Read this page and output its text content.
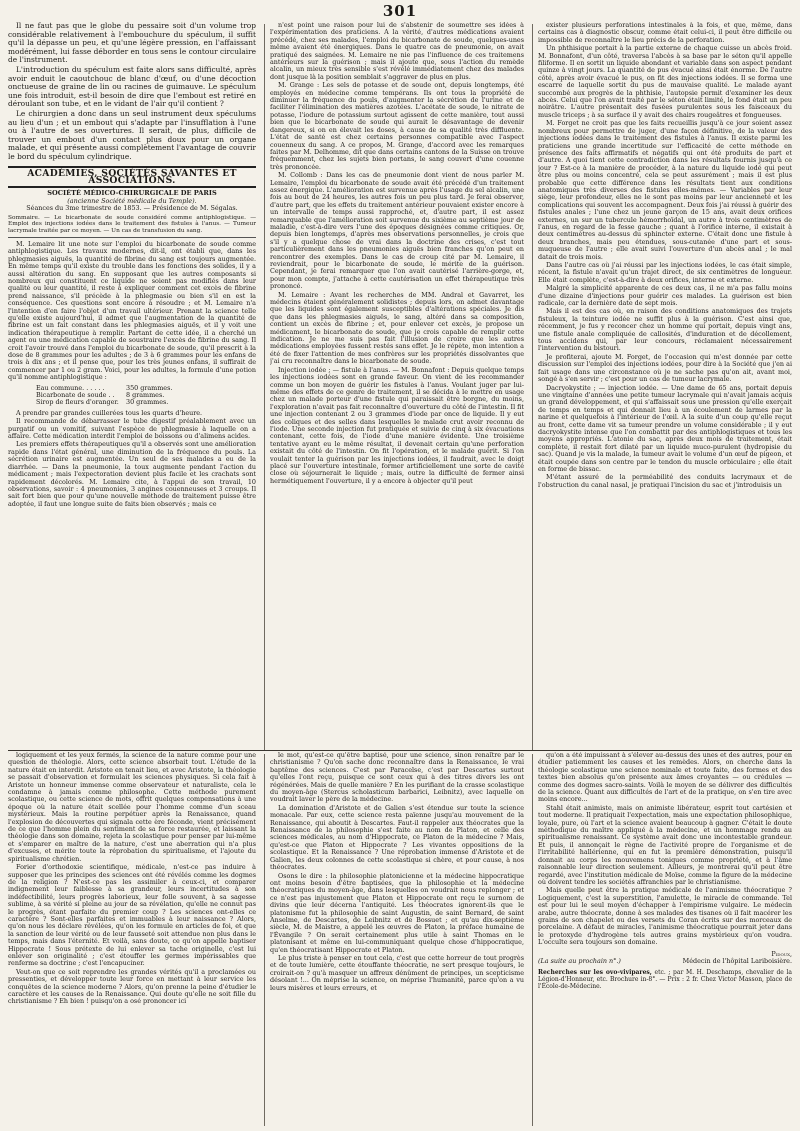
301

Il ne faut pas que le globe du pessaire soit d'un volume trop considérable relativement à l'embouchure du spéculum, il suffit qu'il la dépasse un peu, et qu'une légère pression, en l'affaissant modérément, lui fasse déborder en tous sens le contour circulaire de l'instrument.

L'introduction du spéculum est faite alors sans difficulté, après avoir enduit le caoutchouc de blanc d'œuf, ou d'une décoction onctueuse de graine de lin ou racines de guimauve. Le spéculum une fois introduit, est-il besoin de dire que l'embout est retiré en déroulant son tube, et en le vidant de l'air qu'il contient ?

Le chirurgien a donc dans un seul instrument deux spéculums au lieu d'un ; et un embout qui s'adapte par l'insufflation à l'une ou à l'autre de ses ouvertures. Il serait, de plus, difficile de trouver un embout d'un contact plus doux pour un organe malade, et qui présente aussi complètement l'avantage de couvrir le bord du spéculum cylindrique.

ACADÉMIES, SOCIÉTÉS SAVANTES ET ASSOCIATIONS.
SOCIÉTÉ MÉDICO-CHIRURGICALE DE PARIS
(ancienne Société médicale du Temple).
Séances du 3me trimestre de 1853. — Présidence de M. Ségalas.
Sommaire. — Le bicarbonate de soude considéré comme antiphlogistique. — Emploi des injections iodées dans le traitement des fistules à l'anus. — Tumeur lacrymale traitée par ce moyen. — Un cas de transfusion du sang.

M. Lemaire lit une note sur l'emploi du bicarbonate de soude comme antiphlogistique. Les travaux modernes, dit-il, ont établi que, dans les phlegmasies aiguës, la quantité de fibrine du sang est toujours augmentée. En même temps qu'il existe du trouble dans les fonctions des solides, il y a aussi altération du sang. En supposant que les autres composants si nombreux qui constituent ce liquide ne soient pas modifiés dans leur qualité ou leur quantité, il reste à expliquer comment cet excès de fibrine prend naissance, s'il précède à la phlegmasie ou bien s'il en est la conséquence. Ces questions sont encore à résoudre ; et M. Lemaire n'a l'intention d'en faire l'objet d'un travail ultérieur. Prenant la science telle qu'elle existe aujourd'hui, il admet que l'augmentation de la quantité de fibrine est un fait constant dans les phlegmasies aiguës, et il y voit une indication thérapeutique à remplir. Partant de cette idée, il a cherché un agent ou une médication capable de soustraire l'excès de fibrine du sang. Il croit l'avoir trouvé dans l'emploi du bicarbonate de soude, qu'il prescrit à la dose de 8 grammes pour les adultes ; de 3 à 6 grammes pour les enfans de trois à dix ans ; et il pense que, pour les très jeunes enfans, il suffirait de commencer par 1 ou 2 gram. Voici, pour les adultes, la formule d'une potion qu'il nomme antiphlogistique :

Eau commune. . . . . .	350 grammes.
Bicarbonate de soude . .	8 grammes.
Sirop de fleurs d'oranger.	30 grammes.

A prendre par grandes cuillerées tous les quarts d'heure.

Il recommande de débarrasser le tube digestif préalablement avec un purgatif ou un vomitif, suivant l'espèce de phlegmasie à laquelle on a affaire. Cette médication interdit l'emploi de boissons ou d'alimens acides.

Les premiers effets thérapeutiques qu'il a observés sont une amélioration rapide dans l'état général, une diminution de la fréquence du pouls. La sécrétion urinaire est augmentée. Un seul de ses malades a eu de la diarrhée. — Dans la pneumonie, la toux augmente pendant l'action du médicament ; mais l'expectoration devient plus facile et les crachats sont rapidement décolorés. M. Lemaire cite, à l'appui de son travail, 10 observations, savoir : 4 pneumonies, 3 angines couenneuses et 3 croups. Il sait fort bien que pour qu'une nouvelle méthode de traitement puisse être adoptée, il faut une longue suite de faits bien observés ; mais ce

n'est point une raison pour lui de s'abstenir de soumettre ses idées à l'expérimentation des praticiens. A la vérité, d'autres médications avaient précédé, chez ses malades, l'emploi du bicarbonate de soude, quelques-unes même avaient été énergiques. Dans le quatre cas de pneumonie, on avait pratiqué des saignées. M. Lemaire ne nie pas l'influence de ces traitemens antérieurs sur la guérison ; mais il ajoute que, sous l'action du remède alcalin, un mieux très sensible s'est révélé immédiatement chez des malades dont jusque là la position semblait s'aggraver de plus en plus.

M. Grange : Les sels de potasse et de soude ont, depuis longtemps, été employés en médecine comme tempérans. Ils ont tous la propriété de diminuer la fréquence du pouls, d'augmenter la sécrétion de l'urine et de faciliter l'élimination des matières azotées. L'acétate de soude, le nitrate de potasse, l'iodure de potassium surtout agissent de cette manière, tout aussi bien que le bicarbonate de soude qui aurait le désavantage de devenir dangereux, si on en élevait les doses, à cause de sa qualité très diffluente. L'état de santé est chez certains personnes compatible avec l'aspect couenneux du sang. A ce propos, M. Grange, d'accord avec les remarques faites par M. Delhomme, dit que dans certains cantons de la Suisse on trouve fréquemment, chez les sujets bien portans, le sang couvert d'une couenne très prononcée.

M. Collomb : Dans les cas de pneumonie dont vient de nous parler M. Lemaire, l'emploi du bicarbonate de soude avait été précédé d'un traitement assez énergique. L'amélioration est survenue après l'usage du sel alcalin, une fois au bout de 24 heures, les autres fois un peu plus tard. Je ferai observer, d'autre part, que les effets du traitement antérieur pouvaient exister encore à un intervalle de temps aussi rapproché, et, d'autre part, il est assez remarquable que l'amélioration soit survenue du sixième au septième jour de maladie, c'est-à-dire vers l'une des époques désignées comme critiques. Or, depuis bien longtemps, d'après mes observations personnelles, je crois que s'il y a quelque chose de vrai dans la doctrine des crises, c'est tout particulièrement dans les pneumonies aiguës bien franches qu'on peut en rencontrer des exemples. Dans le cas de croup cité par M. Lemaire, il reviendrait, pour le bicarbonate de soude, le mérite de la guérison. Cependant, je ferai remarquer que l'on avait cautérisé l'arrière-gorge, et, pour mon compte, j'attache à cette cautérisation un effet thérapeutique très prononcé.

M. Lemaire : Avant les recherches de MM. Andral et Gavarret, les médecins étaient généralement solidistes ; depuis lors, on admet davantage que les liquides sont également susceptibles d'altérations spéciales. Je dis que dans les phlegmasies aiguës, le sang, altéré dans sa composition, contient un excès de fibrine ; et, pour enlever cet excès, je propose un médicament, le bicarbonate de soude, que je crois capable de remplir cette indication. Je ne me suis pas fait l'illusion de croire que les autres médications employées fussent restés sans effet. Je le répète, mon intention a été de fixer l'attention de mes confrères sur les propriétés dissolvantes que j'ai cru reconnaître dans le bicarbonate de soude.

Injection iodée ; — fistule à l'anus. — M. Bonnafont : Depuis quelque temps les injections iodées sont en grande faveur. On vient de les recommander comme un bon moyen de guérir les fistules à l'anus. Voulant juger par lui-même des effets de ce genre de traitement, il se décida à le mettre en usage chez un malade porteur d'une fistule qui paraissait être borgne, du moins, l'exploration n'avait pas fait reconnaître d'ouverture du côté de l'intestin. Il fit une injection contenant 2 ou 3 grammes d'iode par once de liquide. Il y eut des coliques et des selles dans lesquelles le malade crut avoir reconnu de l'iode. Une seconde injection fut pratiquée et suivie de cinq à six évacuations contenant, cette fois, de l'iode d'une manière évidente. Une troisième tentative ayant eu le même résultat, il devenait certain qu'une perforation existait du côté de l'intestin. On fit l'opération, et le malade guérit. Si l'on voulait tenter la guérison par les injections iodées, il faudrait, avec le doigt placé sur l'ouverture intestinale, former artificiellement une sorte de cavité close où séjournerait le liquide ; mais, outre la difficulté de fermer ainsi hermétiquement l'ouverture, il y a encore à objecter qu'il peut

exister plusieurs perforations intestinales à la fois, et que, même, dans certains cas à diagnostic obscur, comme était celui-ci, il peut être difficile ou impossible de reconnaître le lieu précis de la perforation.

Un phthisique portait à la partie externe de chaque cuisse un abcès froid. M. Bonnafont, d'un côté, traversa l'abcès à sa base par le séton qu'il appelle filiforme. Il en sortit un liquide abondant et variable dans son aspect pendant quinze à vingt jours. La quantité de pus évacué ainsi était énorme. De l'autre côté, après avoir évacué le pus, on fit des injections iodées. Il se forma une escarre de laquelle sortit du pus de mauvaise qualité. Le malade ayant succombé aux progrès de la phthisie, l'autopsie permit d'examiner les deux abcès. Celui que l'on avait traité par le séton était limité, le fond était un peu noirâtre. L'autre présentait des fusées purulentes sous les faisceaux du muscle triceps ; à sa surface il y avait des chairs rougeâtres et fongueuses.

M. Forget ne croit pas que les faits recueillis jusqu'à ce jour soient assez nombreux pour permettre de juger, d'une façon définitive, de la valeur des injections iodées dans le traitement des fistules à l'anus. Il existe parmi les praticiens une grande incertitude sur l'efficacité de cette méthode en présence des faits affirmatifs et négatifs qui ont été produits de part et d'autre. A quoi tient cette contradiction dans les résultats fournis jusqu'à ce jour ? Est-ce à la manière de procéder, à la nature du liquide iodé qui peut être plus ou moins concentré, cela se peut assurément ; mais il est plus probable que cette différence dans les résultats tient aux conditions anatomiques très diverses des fistules elles-mêmes. — Variables par leur siège, leur profondeur, elles ne le sont pas moins par leur ancienneté et les complications qui souvent les accompagnent. Deux fois j'ai réussi à guérir des fistules anales ; l'une chez un jeune garçon de 15 ans, avait deux orifices externes, un sur un tubercule hémorrhoïdal, un autre à trois centimètres de l'anus, en regard de la fesse gauche ; quant à l'orifice interne, il existait à deux centimètres au-dessus du sphincter externe. C'était donc une fistule à deux branches, mais peu étendues, sous-cutanée d'une part et sous-muqueuse de l'autre ; elle avait suivi l'ouverture d'un abcès anal ; le mal datait de trois mois.

Dans l'autre cas où j'ai réussi par les injections iodées, le cas était simple, récent, la fistule n'avait qu'un trajet direct, de six centimètres de longueur. Elle était complète, c'est-à-dire à deux orifices, interne et externe.

Malgré la simplicité apparente de ces deux cas, il ne m'a pas fallu moins d'une dizaine d'injections pour guérir ces malades. La guérison est bien radicale, car la dernière date de sept mois.

Mais il est des cas où, en raison des conditions anatomiques des trajets fistuleux, la teinture iodée ne suffit plus à la guérison. C'est ainsi que, récemment, je fus y reconcer chez un homme qui portait, depuis vingt ans, une fistule anale compliquée de callosités, d'induration et de décollement, tous accidens qui, par leur concours, réclamaient nécessairement l'intervention du bistouri.

Je profiterai, ajoute M. Forget, de l'occasion qui m'est donnée par cette discussion sur l'emploi des injections iodées, pour dire à la Société que j'en ai fait usage dans une circonstance où je ne sache pas qu'on ait, avant moi, songé à s'en servir ; c'est pour un cas de tumeur lacrymale.

Dacryokystite ; — injection iodée. — Une dame de 65 ans, portait depuis une vingtaine d'années une petite tumeur lacrymale qui n'avait jamais acquis un grand développement, et qui s'affaissait sous une pression qu'elle exerçait de temps en temps et qui donnait lieu à un écoulement de larmes par la narine et quelquefois à l'intérieur de l'œil. A la suite d'un coup qu'elle reçut au front, cette dame vit sa tumeur prendre un volume considérable ; il y eut dacryokystite intense que l'on combattit par des antiphlogistiques et tous les moyens appropriés. L'atonie du sac, après deux mois de traitement, était complète, il restait fort dilaté par un liquide muco-purulent (hydropisie du sac). Quand je vis la malade, la tumeur avait le volume d'un œuf de pigeon, et était coupée dans son centre par le tendon du muscle orbiculaire ; elle était en forme de bissac.

M'étant assuré de la perméabilité des conduits lacrymaux et de l'obstruction du canal nasal, je pratiquai l'incision du sac et j'introduisis un

logiquement et les yeux fermés, la science de la nature comme pour une question de théologie. Alors, cette science absorbait tout. L'étude de la nature était en interdit. Aristote en tenait lieu, et avec Aristote, la théologie se passait d'observation et formulait les sciences physiques. Si cela fait à Aristote un honneur immense comme observateur et naturaliste, cela le condamne à jamais comme philosophe. Cette méthode purement scolastique, ou cette science de mots, offrit quelques compensations à une époque où la nature était scellée pour l'homme comme d'un sceau mystérieux. Mais la routine perpétuer après la Renaissance, quand l'explosion de découvertes qui signala cette ère féconde, vient précisément de ce que l'homme plein du sentiment de sa force restaurée, et laissant la théologie dans son domaine, rejeta la scolastique pour penser par lui-même et s'emparer en maître de la nature, c'est une aberration qui n'a plus d'excuses, et mérite toute la réprobation du spiritualisme, et l'ajoute du spiritualisme chrétien.

Forier d'orthodoxie scientifique, médicale, n'est-ce pas induire à supposer que les principes des sciences ont été révélés comme les dogmes de la religion ? N'est-ce pas les assimiler à ceux-ci, et comparer indignement leur faiblesse à sa grandeur, leurs incertitudes à son indéfectibilité, leurs progrès laborieux, leur folle souvent, à sa sagesse sublime, à sa vérité si pleine au jour de sa révélation, qu'elle ne connut pas le progrès, étant parfaite du premier coup ? Les sciences ont-elles ce caractère ? Sont-elles parfaites et immuables à leur naissance ? Alors, qu'on nous les déclare révélées, qu'on les formule en articles de foi, et que la sanction de leur vérité ou de leur fausseté soit attendue non plus dans le temps, mais dans l'éternité. Et voilà, sans doute, ce qu'on appelle baptiser Hippocrate ! Sous prétexte de lui enlever sa tache originelle, c'est lui enlever son originalité ; c'est étouffer les germes impérissables que renferme sa doctrine ; c'est l'encapuciner.

Veut-on que ce soit reprendre les grandes vérités qu'il a proclamées ou pressenties, et développer toute leur force en mettant à leur service les conquêtes de la science moderne ? Alors, qu'on prenne la peine d'étudier le caractère et les causes de la Renaissance. Qui doute qu'elle ne soit fille du christianisme ? Eh bien ! puisqu'on a osé prononcer ici

le mot, qu'est-ce qu'être baptisé, pour une science, sinon renaître par le christianisme ? Qu'on sache donc reconnaître dans la Renaissance, le vrai baptême des sciences. C'est par Paracelse, c'est par Descartes surtout qu'elles l'ont reçu, puisque ce sont ceux qui à des titres divers les ont régénérées. Mais de quelle manière ? En les purifiant de la crasse scolastique du moyen-âge (Stercus scholasticum barbarici, Leibnitz), avec laquelle on voudrait laver le père de la médecine.

La domination d'Aristote et de Galien s'est étendue sur toute la science monacale. Par eux, cette science resta païenne jusqu'au mouvement de la Renaissance, qui aboutit à Descartes. Faut-il rappeler aux théocrates que la Renaissance de la philosophie s'est faite au nom de Platon, et celle des sciences médicales, au nom d'Hippocrate, ce Platon de la médecine ? Mais, qu'est-ce que Platon et Hippocrate ? Les vivantes oppositions de la scolastique. Et la Renaissance ? Une réprobation immense d'Aristote et de Galien, les deux colonnes de cette scolastique si chère, et pour cause, à nos théocrates.

Osons le dire : la philosophie platonicienne et la médecine hippocratique ont moins besoin d'être baptisées, que la philosophie et la médecine théocratiques du moyen-âge, dans lesquelles on voudrait nous replonger ; et ce n'est pas injustement que Platon et Hippocrate ont reçu le surnom de divins que leur décerna l'antiquité. Les théocrates ignorent-ils que le platonisme fut la philosophie de saint Augustin, de saint Bernard, de saint Anselme, de Descartes, de Leibnitz et de Bossuet ; et qu'au dix-septième siècle, M. de Maistre, a appelé les œuvres de Platon, la préface humaine de l'Évangile ? On serait certainement plus utile à saint Thomas en le platonisant et même en lui-communiquant quelque chose d'hippocratique, qu'en théocratisant Hippocrate et Platon.

Le plus triste à penser en tout cela, c'est que cette horreur de tout progrès et de toute lumière, cette étouffante théocratie, ne sert presque toujours, le croirait-on ? qu'à masquer un affreux dénûment de principes, un scepticisme désolant !... On méprise la science, on méprise l'humanité, parce qu'on a vu leurs misères et leurs erreurs, et

qu'on a été impuissant à s'élever au-dessus des unes et des autres, pour en étudier patiemment les causes et les remèdes. Alors, on cherche dans la théologie scolastique une science nominale et toute faite, des formes et des textes bien absolus qu'on présente aux âmes croyantes — ou crédules — comme des dogmes sacro-saints. Voilà le moyen de se délivrer des difficultés de la science. Quant aux difficultés de l'art et de la pratique, on s'en tire avec moins encore...

Stahl était animiste, mais on animiste libérateur, esprit tout cartésien et tout moderne. Il pratiquait l'expectation, mais une expectation philosophique, loyale, pure, où l'art et la science avaient beaucoup à gagner. C'était le doute méthodique du maître appliqué à la médecine, et un hommage rendu au spiritualisme renaissant. Ce système avait donc une incontestable grandeur. Et puis, il annonçait le règne de l'activité propre de l'organisme et de l'irritabilité hallérienne, qui en fut la première démonstration, puisqu'il donnait au corps les mouvemens toniques comme propriété, et à l'âme raisonnable leur direction seulement. Ailleurs, je montrerai qu'il peut être regardé, avec l'institution médicale de Moïse, comme la figure de la médecine où doivent tendre les sociétés affranchies par le christianisme.

Mais quelle peut être la pratique médicale de l'animisme théocratique ? Logiquement, c'est la superstition, l'amulette, le miracle de commande. Tel est pour lui le seul moyen d'échapper à l'empirisme vulgaire. Le médecin arabe, autre théocrate, donne à ses malades des tisanes où il fait macérer les grains de son chapelet ou des versets du Coran écrits sur des morceaux de porcelaine. A défaut de miracles, l'animisme théocratique pourrait jeter dans le protoxyde d'hydrogène tels autres grains mystérieux qu'on voudra. L'occulte sera toujours son domaine.

Pidoux,
(La suite au prochain n°.)	Médecin de l'hôpital Lariboisière.
Recherches sur les ovo-vivipares, etc. ; par M. H. Deschamps, chevalier de la Légion-d'Honneur, etc. Brochure in-8°. — Prix : 2 fr. Chez Victor Masson, place de l'École-de-Médecine.
